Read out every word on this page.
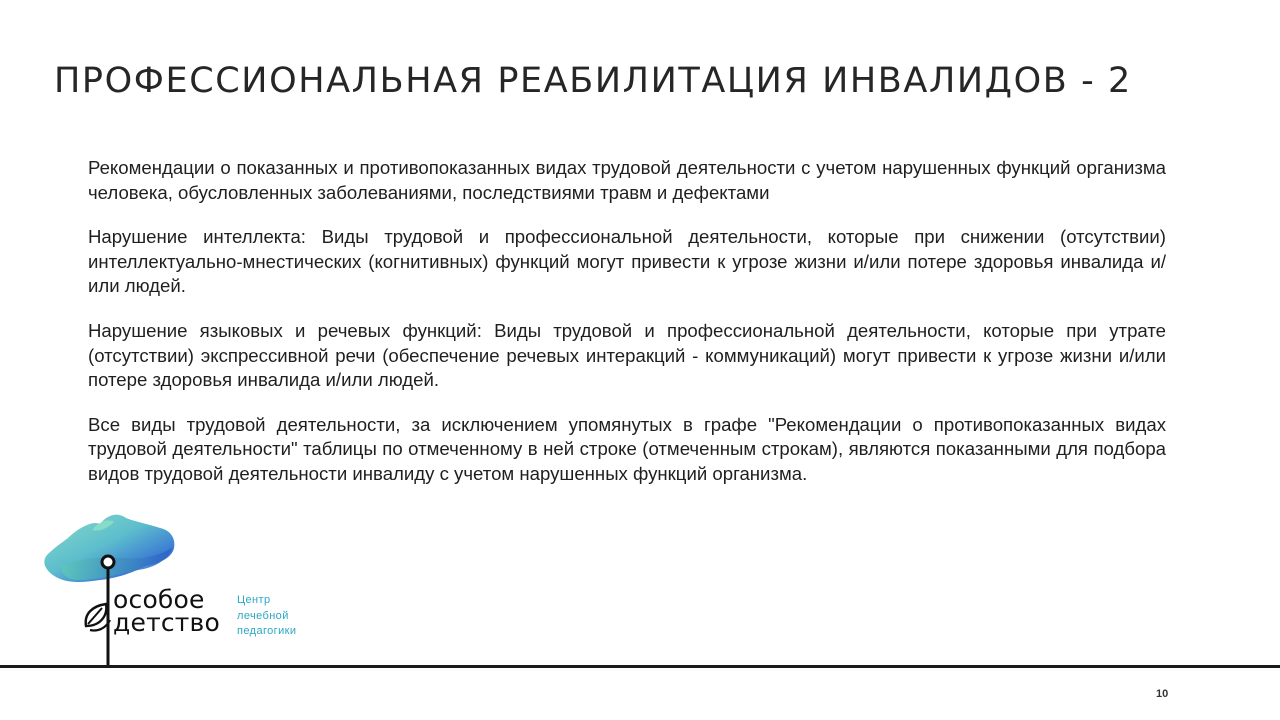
ПРОФЕССИОНАЛЬНАЯ РЕАБИЛИТАЦИЯ ИНВАЛИДОВ - 2

Рекомендации о показанных и противопоказанных видах трудовой деятельности с учетом нарушенных функций организма человека, обусловленных заболеваниями, последствиями травм и дефектами

Нарушение интеллекта: Виды трудовой и профессиональной деятельности, которые при снижении (отсутствии) интеллектуально-мнестических (когнитивных) функций могут привести к угрозе жизни и/или потере здоровья инвалида и/или людей.

Нарушение языковых и речевых функций: Виды трудовой и профессиональной деятельности, которые при утрате (отсутствии) экспрессивной речи (обеспечение речевых интеракций - коммуникаций) могут привести к угрозе жизни и/или потере здоровья инвалида и/или людей.

Все виды трудовой деятельности, за исключением упомянутых в графе "Рекомендации о противопоказанных видах трудовой деятельности" таблицы по отмеченному в ней строке (отмеченным строкам), являются показанными для подбора видов трудовой деятельности инвалиду с учетом нарушенных функций организма.

особое
детство
Центр
лечебной
педагогики
10
